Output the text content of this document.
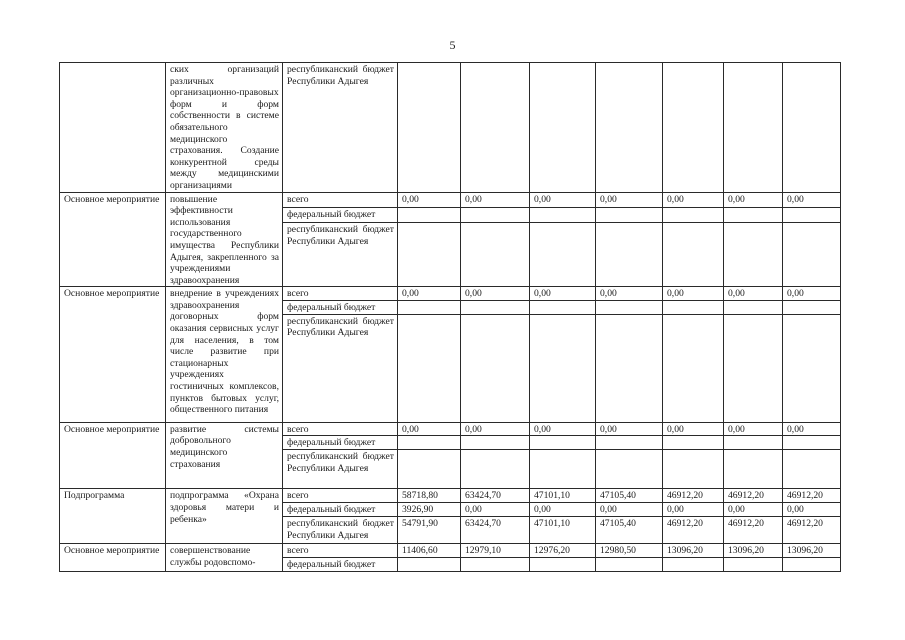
5
	ских организаций различных организационно-правовых форм и форм собственности в системе обязательного медицинского страхования. Создание конкурентной среды между медицинскими организациями	республиканский бюджет Республики Адыгея							
Основное мероприятие	повышение эффективности использования государственного имущества Республики Адыгея, закрепленного за учреждениями здравоохранения	всего	0,00	0,00	0,00	0,00	0,00	0,00	0,00
		федеральный бюджет							
		республиканский бюджет Республики Адыгея							
Основное мероприятие	внедрение в учреждениях здравоохранения договорных форм оказания сервисных услуг для населения, в том числе развитие при стационарных учреждениях гостиничных комплексов, пунктов бытовых услуг, общественного питания	всего	0,00	0,00	0,00	0,00	0,00	0,00	0,00
		федеральный бюджет							
		республиканский бюджет Республики Адыгея							
Основное мероприятие	развитие системы добровольного медицинского страхования	всего	0,00	0,00	0,00	0,00	0,00	0,00	0,00
		федеральный бюджет							
		республиканский бюджет Республики Адыгея							
Подпрограмма	подпрограмма «Охрана здоровья матери и ребенка»	всего	58718,80	63424,70	47101,10	47105,40	46912,20	46912,20	46912,20
		федеральный бюджет	3926,90	0,00	0,00	0,00	0,00	0,00	0,00
		республиканский бюджет Республики Адыгея	54791,90	63424,70	47101,10	47105,40	46912,20	46912,20	46912,20
Основное мероприятие	совершенствование службы родовспомо-	всего	11406,60	12979,10	12976,20	12980,50	13096,20	13096,20	13096,20
		федеральный бюджет							
